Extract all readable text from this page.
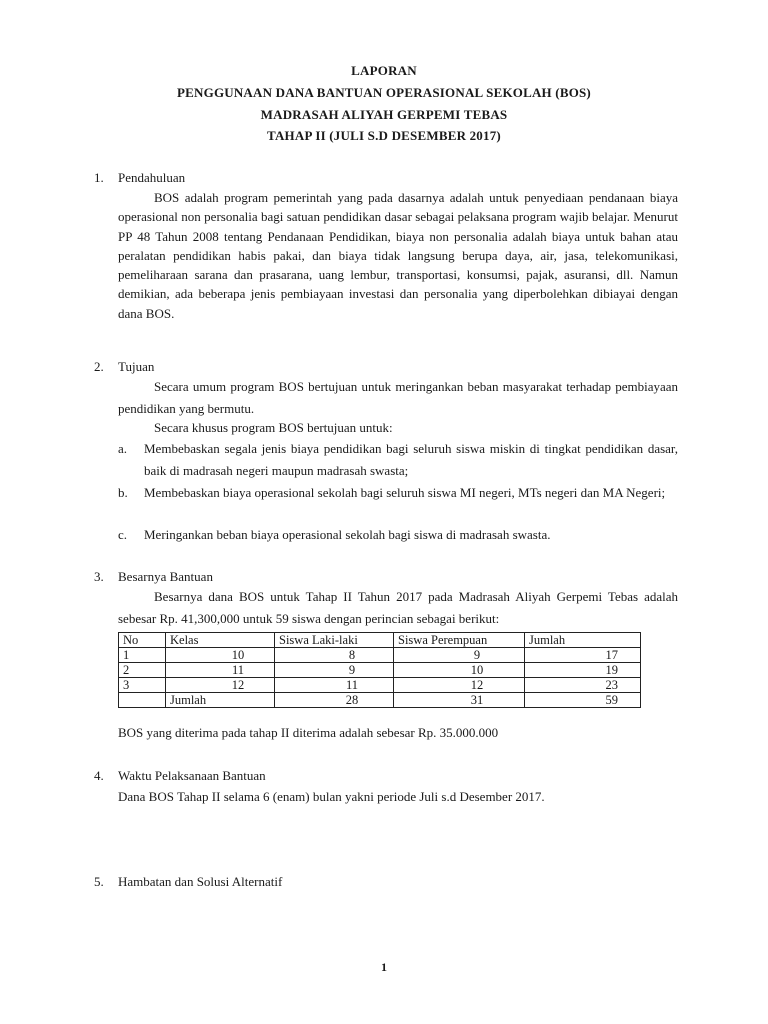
LAPORAN
PENGGUNAAN DANA BANTUAN OPERASIONAL SEKOLAH (BOS)
MADRASAH ALIYAH GERPEMI TEBAS
TAHAP II (JULI S.D DESEMBER 2017)
1. Pendahuluan

BOS adalah program pemerintah yang pada dasarnya adalah untuk penyediaan pendanaan biaya operasional non personalia bagi satuan pendidikan dasar sebagai pelaksana program wajib belajar. Menurut PP 48 Tahun 2008 tentang Pendanaan Pendidikan, biaya non personalia adalah biaya untuk bahan atau peralatan pendidikan habis pakai, dan biaya tidak langsung berupa daya, air, jasa, telekomunikasi, pemeliharaan sarana dan prasarana, uang lembur, transportasi, konsumsi, pajak, asuransi, dll. Namun demikian, ada beberapa jenis pembiayaan investasi dan personalia yang diperbolehkan dibiayai dengan dana BOS.

2. Tujuan

Secara umum program BOS bertujuan untuk meringankan beban masyarakat terhadap pembiayaan pendidikan yang bermutu.

Secara khusus program BOS bertujuan untuk:
a. Membebaskan segala jenis biaya pendidikan bagi seluruh siswa miskin di tingkat pendidikan dasar, baik di madrasah negeri maupun madrasah swasta;

b. Membebaskan biaya operasional sekolah bagi seluruh siswa MI negeri, MTs negeri dan MA Negeri;

c. Meringankan beban biaya operasional sekolah bagi siswa di madrasah swasta.

3. Besarnya Bantuan

Besarnya dana BOS untuk Tahap II Tahun 2017 pada Madrasah Aliyah Gerpemi Tebas adalah sebesar Rp. 41,300,000 untuk 59 siswa dengan perincian sebagai berikut:

No	Kelas	Siswa Laki-laki	Siswa Perempuan	Jumlah
1	10	8	9	17
2	11	9	10	19
3	12	11	12	23
	Jumlah	28	31	59
BOS yang diterima pada tahap II diterima adalah sebesar Rp. 35.000.000
4. Waktu Pelaksanaan Bantuan
Dana BOS Tahap II selama 6 (enam) bulan yakni periode Juli s.d Desember 2017.
5. Hambatan dan Solusi Alternatif
1
